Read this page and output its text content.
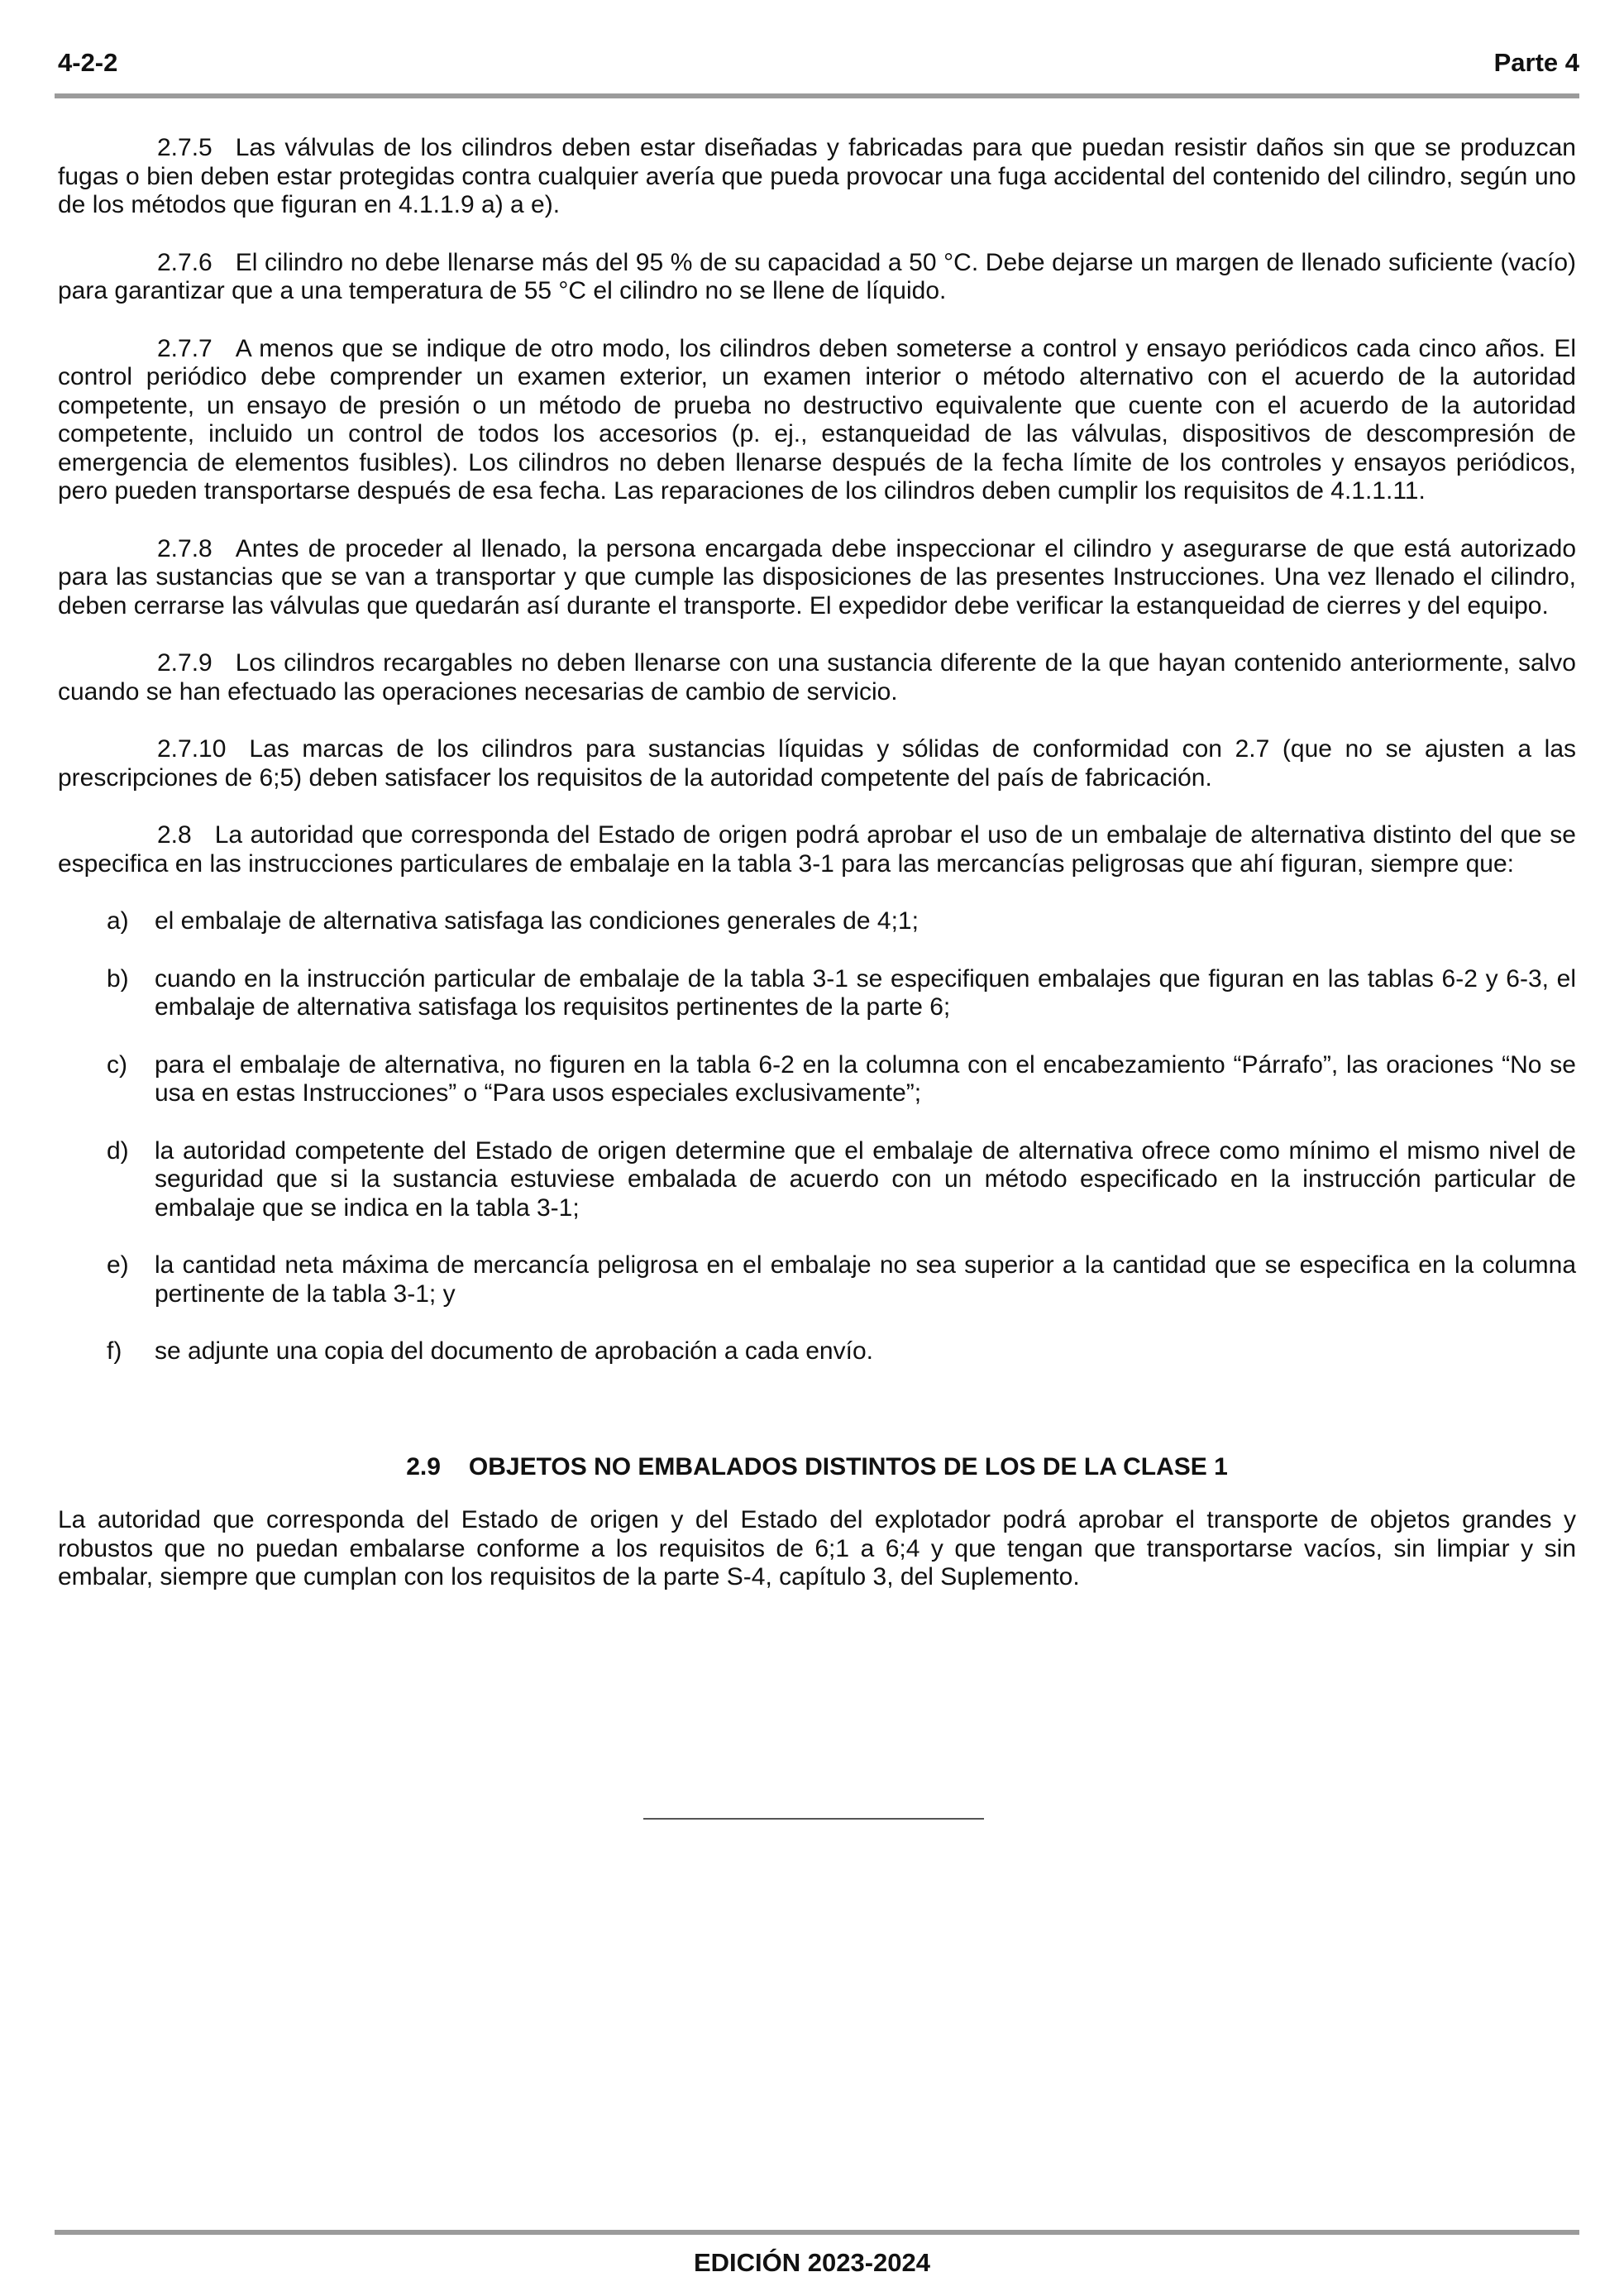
4-2-2	Parte 4

2.7.5 Las válvulas de los cilindros deben estar diseñadas y fabricadas para que puedan resistir daños sin que se produzcan fugas o bien deben estar protegidas contra cualquier avería que pueda provocar una fuga accidental del contenido del cilindro, según uno de los métodos que figuran en 4.1.1.9 a) a e).

2.7.6 El cilindro no debe llenarse más del 95 % de su capacidad a 50 °C. Debe dejarse un margen de llenado suficiente (vacío) para garantizar que a una temperatura de 55 °C el cilindro no se llene de líquido.

2.7.7 A menos que se indique de otro modo, los cilindros deben someterse a control y ensayo periódicos cada cinco años. El control periódico debe comprender un examen exterior, un examen interior o método alternativo con el acuerdo de la autoridad competente, un ensayo de presión o un método de prueba no destructivo equivalente que cuente con el acuerdo de la autoridad competente, incluido un control de todos los accesorios (p. ej., estanqueidad de las válvulas, dispositivos de descompresión de emergencia de elementos fusibles). Los cilindros no deben llenarse después de la fecha límite de los controles y ensayos periódicos, pero pueden transportarse después de esa fecha. Las reparaciones de los cilindros deben cumplir los requisitos de 4.1.1.11.

2.7.8 Antes de proceder al llenado, la persona encargada debe inspeccionar el cilindro y asegurarse de que está autorizado para las sustancias que se van a transportar y que cumple las disposiciones de las presentes Instrucciones. Una vez llenado el cilindro, deben cerrarse las válvulas que quedarán así durante el transporte. El expedidor debe verificar la estanqueidad de cierres y del equipo.

2.7.9 Los cilindros recargables no deben llenarse con una sustancia diferente de la que hayan contenido anteriormente, salvo cuando se han efectuado las operaciones necesarias de cambio de servicio.

2.7.10 Las marcas de los cilindros para sustancias líquidas y sólidas de conformidad con 2.7 (que no se ajusten a las prescripciones de 6;5) deben satisfacer los requisitos de la autoridad competente del país de fabricación.

2.8 La autoridad que corresponda del Estado de origen podrá aprobar el uso de un embalaje de alternativa distinto del que se especifica en las instrucciones particulares de embalaje en la tabla 3-1 para las mercancías peligrosas que ahí figuran, siempre que:

a)	el embalaje de alternativa satisfaga las condiciones generales de 4;1;
b)	cuando en la instrucción particular de embalaje de la tabla 3-1 se especifiquen embalajes que figuran en las tablas 6-2 y 6-3, el embalaje de alternativa satisfaga los requisitos pertinentes de la parte 6;
c)	para el embalaje de alternativa, no figuren en la tabla 6-2 en la columna con el encabezamiento “Párrafo”, las oraciones “No se usa en estas Instrucciones” o “Para usos especiales exclusivamente”;
d)	la autoridad competente del Estado de origen determine que el embalaje de alternativa ofrece como mínimo el mismo nivel de seguridad que si la sustancia estuviese embalada de acuerdo con un método especificado en la instrucción particular de embalaje que se indica en la tabla 3-1;
e)	la cantidad neta máxima de mercancía peligrosa en el embalaje no sea superior a la cantidad que se especifica en la columna pertinente de la tabla 3-1; y
f)	se adjunte una copia del documento de aprobación a cada envío.
2.9 OBJETOS NO EMBALADOS DISTINTOS DE LOS DE LA CLASE 1

La autoridad que corresponda del Estado de origen y del Estado del explotador podrá aprobar el transporte de objetos grandes y robustos que no puedan embalarse conforme a los requisitos de 6;1 a 6;4 y que tengan que transportarse vacíos, sin limpiar y sin embalar, siempre que cumplan con los requisitos de la parte S-4, capítulo 3, del Suplemento.

EDICIÓN 2023-2024
